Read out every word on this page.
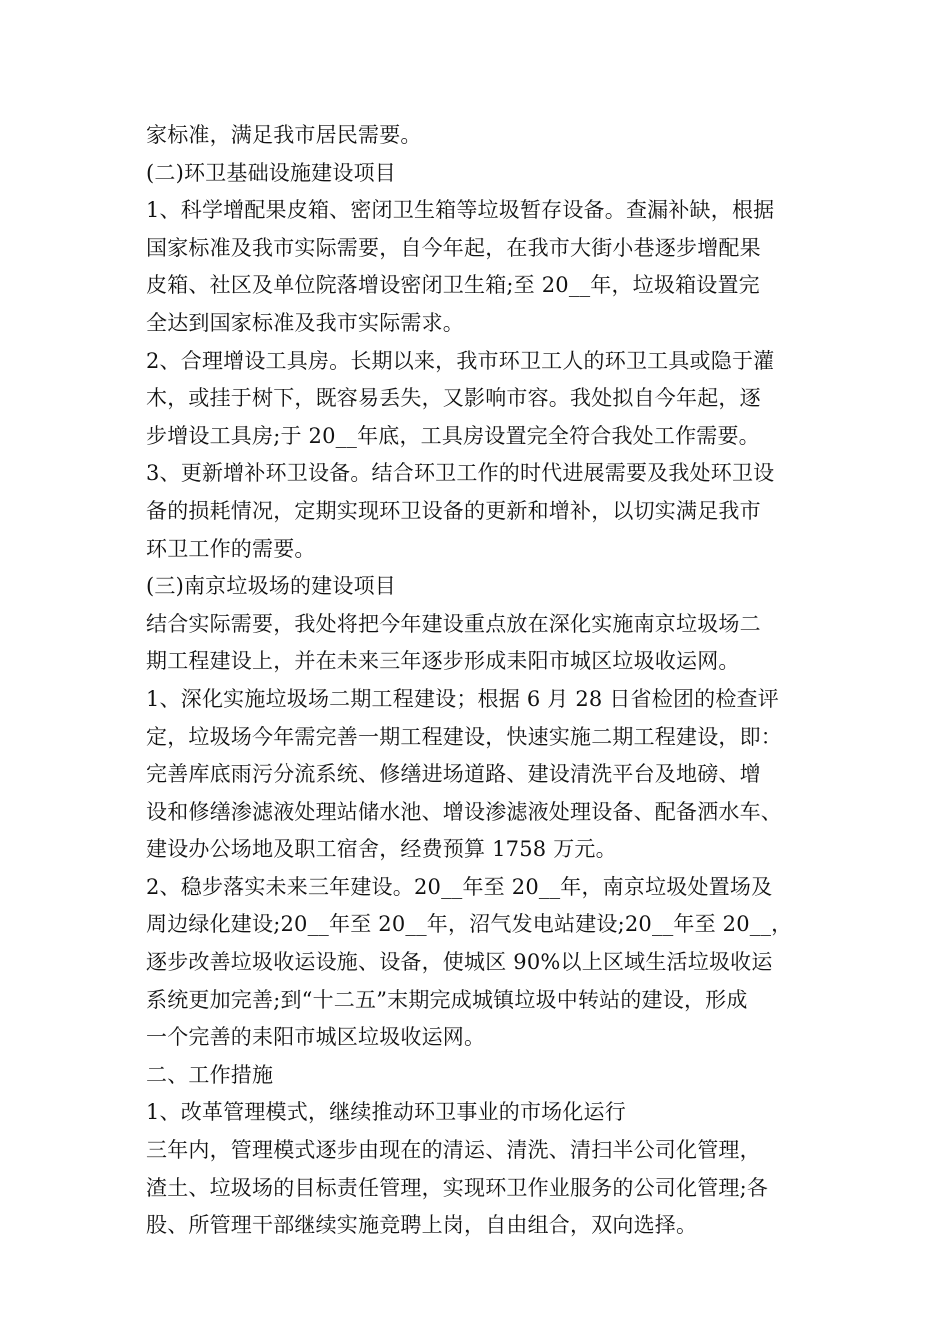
家标准，满足我市居民需要。
(二)环卫基础设施建设项目
1、科学增配果皮箱、密闭卫生箱等垃圾暂存设备。查漏补缺，根据
国家标准及我市实际需要，自今年起，在我市大街小巷逐步增配果
皮箱、社区及单位院落增设密闭卫生箱;至 20__年，垃圾箱设置完
全达到国家标准及我市实际需求。
2、合理增设工具房。长期以来，我市环卫工人的环卫工具或隐于灌
木，或挂于树下，既容易丢失，又影响市容。我处拟自今年起，逐
步增设工具房;于 20__年底，工具房设置完全符合我处工作需要。
3、更新增补环卫设备。结合环卫工作的时代进展需要及我处环卫设
备的损耗情况，定期实现环卫设备的更新和增补，以切实满足我市
环卫工作的需要。
(三)南京垃圾场的建设项目
结合实际需要，我处将把今年建设重点放在深化实施南京垃圾场二
期工程建设上，并在未来三年逐步形成耒阳市城区垃圾收运网。
1、深化实施垃圾场二期工程建设；根据 6 月 28 日省检团的检查评
定，垃圾场今年需完善一期工程建设，快速实施二期工程建设，即：
完善库底雨污分流系统、修缮进场道路、建设清洗平台及地磅、增
设和修缮渗滤液处理站储水池、增设渗滤液处理设备、配备洒水车、
建设办公场地及职工宿舍，经费预算 1758 万元。
2、稳步落实未来三年建设。20__年至 20__年，南京垃圾处置场及
周边绿化建设;20__年至 20__年，沼气发电站建设;20__年至 20__，
逐步改善垃圾收运设施、设备，使城区 90%以上区域生活垃圾收运
系统更加完善;到“十二五”末期完成城镇垃圾中转站的建设，形成
一个完善的耒阳市城区垃圾收运网。
二、工作措施
1、改革管理模式，继续推动环卫事业的市场化运行
三年内，管理模式逐步由现在的清运、清洗、清扫半公司化管理，
渣土、垃圾场的目标责任管理，实现环卫作业服务的公司化管理;各
股、所管理干部继续实施竞聘上岗，自由组合，双向选择。
